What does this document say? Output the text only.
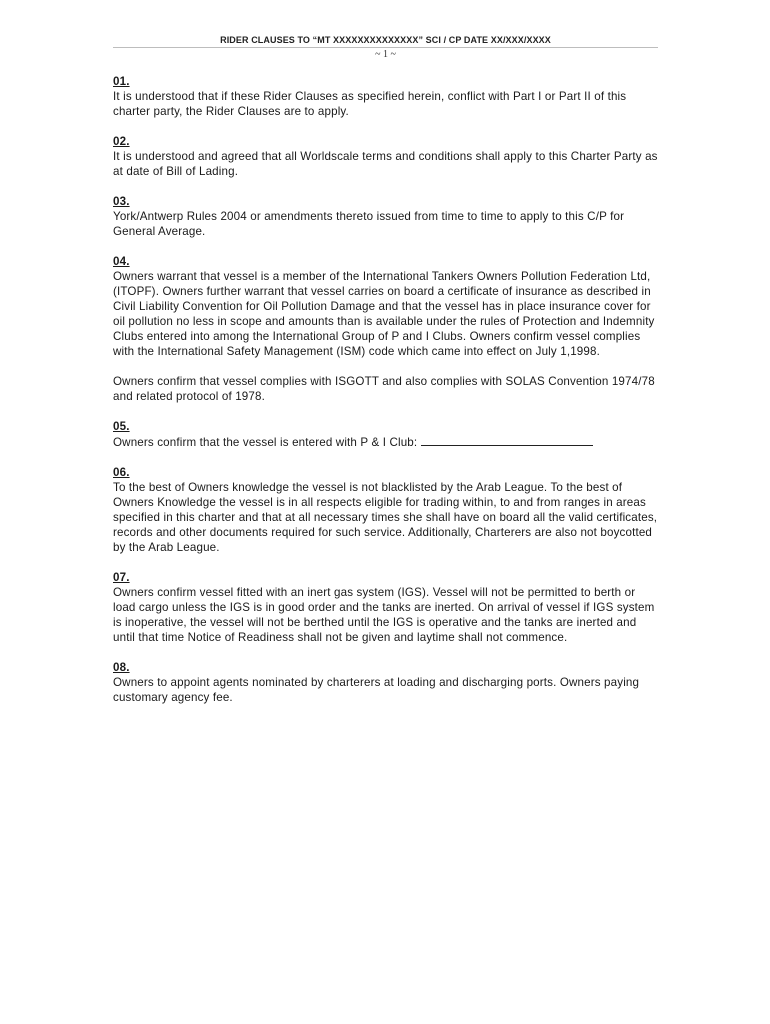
RIDER CLAUSES TO “MT XXXXXXXXXXXXXX” SCI / CP DATE XX/XXX/XXXX
~ 1 ~
01.

It is understood that if these Rider Clauses as specified herein, conflict with Part I or Part II of this charter party, the Rider Clauses are to apply.

02.

It is understood and agreed that all Worldscale terms and conditions shall apply to this Charter Party as at date of Bill of Lading.

03.

York/Antwerp Rules 2004 or amendments thereto issued from time to time to apply to this C/P for General Average.

04.

Owners warrant that vessel is a member of the International Tankers Owners Pollution Federation Ltd, (ITOPF). Owners further warrant that vessel carries on board a certificate of insurance as described in Civil Liability Convention for Oil Pollution Damage and that the vessel has in place insurance cover for oil pollution no less in scope and amounts than is available under the rules of Protection and Indemnity Clubs entered into among the International Group of P and I Clubs. Owners confirm vessel complies with the International Safety Management (ISM) code which came into effect on July 1,1998.

Owners confirm that vessel complies with ISGOTT and also complies with SOLAS Convention 1974/78 and related protocol of 1978.

05.

Owners confirm that the vessel is entered with P & I Club:

06.

To the best of Owners knowledge the vessel is not blacklisted by the Arab League. To the best of Owners Knowledge the vessel is in all respects eligible for trading within, to and from ranges in areas specified in this charter and that at all necessary times she shall have on board all the valid certificates, records and other documents required for such service. Additionally, Charterers are also not boycotted by the Arab League.

07.

Owners confirm vessel fitted with an inert gas system (IGS). Vessel will not be permitted to berth or load cargo unless the IGS is in good order and the tanks are inerted. On arrival of vessel if IGS system is inoperative, the vessel will not be berthed until the IGS is operative and the tanks are inerted and until that time Notice of Readiness shall not be given and laytime shall not commence.

08.

Owners to appoint agents nominated by charterers at loading and discharging ports. Owners paying customary agency fee.
